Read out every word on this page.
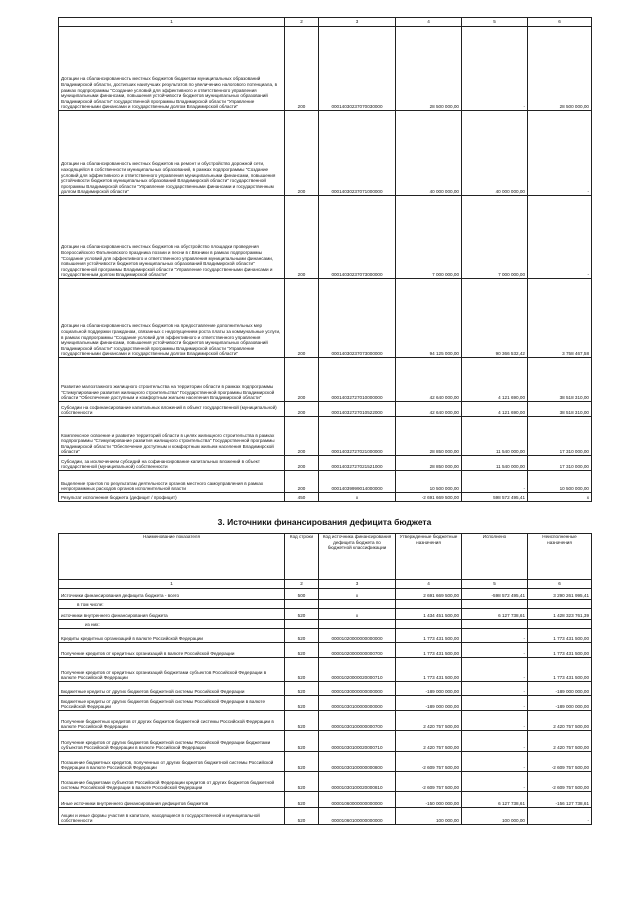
1	2	3	4	5	6
Дотации на сбалансированность местных бюджетов бюджетам муниципальных образований Владимирской области, достигших наилучших результатов по увеличению налогового потенциала, в рамках подпрограммы "Создание условий для эффективного и ответственного управления муниципальными финансами, повышения устойчивости бюджетов муниципальных образований Владимирской области" государственной программы Владимирской области "Управление государственными финансами и государственным долгом Владимирской области"	200	00014030237070030000	28 500 000,00	-	28 500 000,00
Дотации на сбалансированность местных бюджетов на ремонт и обустройство дорожной сети, находящейся в собственности муниципальных образований, в рамках подпрограммы "Создание условий для эффективного и ответственного управления муниципальными финансами, повышения устойчивости бюджетов муниципальных образований Владимирской области" государственной программы Владимирской области "Управление государственными финансами и государственным долгом Владимирской области"	200	00014030237071000000	40 000 000,00	40 000 000,00	-
Дотации на сбалансированность местных бюджетов на обустройство площадки проведения Всероссийского Фатьяновского праздника поэзии и песни в г.Вязники в рамках подпрограммы "Создание условий для эффективного и ответственного управления муниципальными финансами, повышения устойчивости бюджетов муниципальных образований Владимирской области" государственной программы Владимирской области "Управление государственными финансами и государственным долгом Владимирской области"	200	00014030237073000000	7 000 000,00	7 000 000,00	-
Дотации на сбалансированность местных бюджетов на предоставление дополнительных мер социальной поддержки гражданам, связанных с недопущением роста платы за коммунальные услуги, в рамках подпрограммы "Создание условий для эффективного и ответственного управления муниципальными финансами, повышения устойчивости бюджетов муниципальных образований Владимирской области" государственной программы Владимирской области "Управление государственными финансами и государственным долгом Владимирской области"	200	00014030237073000000	94 125 000,00	90 366 532,42	3 758 467,58
Развитие малоэтажного жилищного строительства на территории области в рамках подпрограммы "Стимулирование развития жилищного строительства" Государственной программы Владимирской области "Обеспечение доступным и комфортным жильем населения Владимирской области"	200	00014032727010000000	42 640 000,00	4 121 690,00	38 518 310,00
Субсидии на софинансирование капитальных вложений в объект государственной (муниципальной) собственности	200	00014032727010522000	42 640 000,00	4 121 690,00	38 518 310,00
Комплексное освоение и развитие территорий области в целях жилищного строительства в рамках подпрограммы "Стимулирование развития жилищного строительства" Государственной программы Владимирской области "Обеспечение доступным и комфортным жильем населения Владимирской области"	200	00014032727021000000	28 850 000,00	11 540 000,00	17 310 000,00
Субсидии, за исключением субсидий на софинансирование капитальных вложений в объект государственной (муниципальной) собственности	200	00014032727021521000	28 850 000,00	11 540 000,00	17 310 000,00
Выделение грантов по результатам деятельности органов местного самоуправления в рамках непрограммных расходов органов исполнительной власти	200	00014039999014000000	10 500 000,00	-	10 500 000,00
Результат исполнения бюджета (дефицит / профицит)	450	x	-2 691 669 500,00	598 572 495,41	x
3. Источники финансирования дефицита бюджета
Наименование показателя	Код строки	Код источника финансирования дефицита бюджета по бюджетной классификации	Утвержденные бюджетные назначения	Исполнено	Неисполненные назначения
1	2	3	4	5	6
Источники финансирования дефицита бюджета - всего	500	x	2 691 669 500,00	-598 572 495,41	3 290 261 995,41
в том числе:					
источники внутреннего финансирования бюджета	520	x	1 434 451 500,00	6 127 738,61	1 428 323 761,39
из них:					
Кредиты кредитных организаций в валюте Российской Федерации	520	00001020000000000000	1 773 431 500,00	-	1 773 431 500,00
Получение кредитов от кредитных организаций в валюте Российской Федерации	520	00001020000000000700	1 773 431 500,00	-	1 773 431 500,00
Получение кредитов от кредитных организаций бюджетами субъектов Российской Федерации в валюте Российской Федерации	520	00001020000020000710	1 773 431 500,00	-	1 773 431 500,00
Бюджетные кредиты от других бюджетов бюджетной системы Российской Федерации	520	00001030000000000000	-189 000 000,00	-	-189 000 000,00
Бюджетные кредиты от других бюджетов бюджетной системы Российской Федерации в валюте Российской Федерации	520	00001030100000000000	-189 000 000,00	-	-189 000 000,00
Получение бюджетных кредитов от других бюджетов бюджетной системы Российской Федерации в валюте Российской Федерации	520	00001030100000000700	2 420 757 500,00	-	2 420 757 500,00
Получение кредитов от других бюджетов бюджетной системы Российской Федерации бюджетами субъектов Российской Федерации в валюте Российской Федерации	520	00001030100020000710	2 420 757 500,00	-	2 420 757 500,00
Погашение бюджетных кредитов, полученных от других бюджетов бюджетной системы Российской Федерации в валюте Российской Федерации	520	00001030100000000800	-2 609 757 500,00	-	-2 609 757 500,00
Погашение бюджетами субъектов Российской Федерации кредитов от других бюджетов бюджетной системы Российской Федерации в валюте Российской Федерации	520	00001030100020000810	-2 609 757 500,00	-	-2 609 757 500,00
Иные источники внутреннего финансирования дефицитов бюджетов	520	00001060000000000000	-150 000 000,00	6 127 738,61	-156 127 738,61
Акции и иные формы участия в капитале, находящиеся в государственной и муниципальной собственности	520	00001060100000000000	100 000,00	100 000,00	-
